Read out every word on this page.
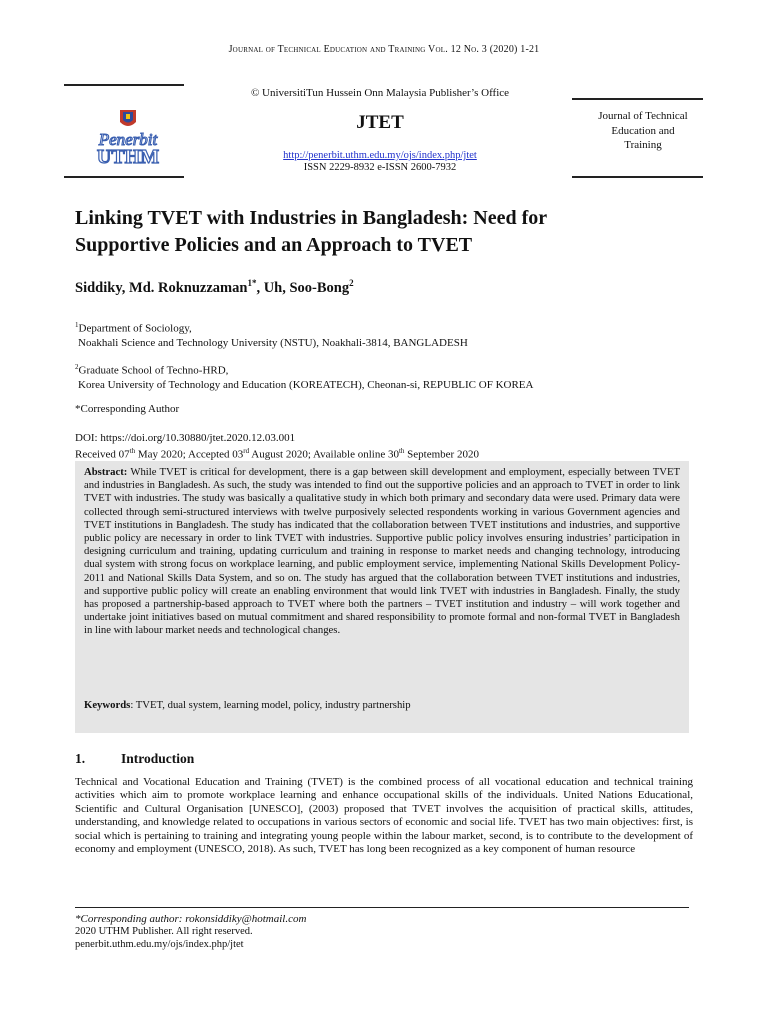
Journal of Technical Education and Training Vol. 12 No. 3 (2020) 1-21
Penerbit
UTHM
© UniversitiTun Hussein Onn Malaysia Publisher’s Office
JTET
http://penerbit.uthm.edu.my/ojs/index.php/jtet
ISSN 2229-8932 e-ISSN 2600-7932
Journal of Technical
Education and
Training
Linking TVET with Industries in Bangladesh: Need for
Supportive Policies and an Approach to TVET
Siddiky, Md. Roknuzzaman$^{1*}$, Uh, Soo-Bong$^2$
$^1$Department of Sociology,
Noakhali Science and Technology University (NSTU), Noakhali-3814, BANGLADESH
$^2$Graduate School of Techno-HRD,
Korea University of Technology and Education (KOREATECH), Cheonan-si, REPUBLIC OF KOREA
*Corresponding Author
DOI: https://doi.org/10.30880/jtet.2020.12.03.001
Received 07th May 2020; Accepted 03rd August 2020; Available online 30th September 2020
Abstract: While TVET is critical for development, there is a gap between skill development and employment, especially between TVET and industries in Bangladesh. As such, the study was intended to find out the supportive policies and an approach to TVET in order to link TVET with industries. The study was basically a qualitative study in which both primary and secondary data were used. Primary data were collected through semi-structured interviews with twelve purposively selected respondents working in various Government agencies and TVET institutions in Bangladesh. The study has indicated that the collaboration between TVET institutions and industries, and supportive public policy are necessary in order to link TVET with industries. Supportive public policy involves ensuring industries’ participation in designing curriculum and training, updating curriculum and training in response to market needs and changing technology, introducing dual system with strong focus on workplace learning, and public employment service, implementing National Skills Development Policy-2011 and National Skills Data System, and so on. The study has argued that the collaboration between TVET institutions and industries, and supportive public policy will create an enabling environment that would link TVET with industries in Bangladesh. Finally, the study has proposed a partnership-based approach to TVET where both the partners – TVET institution and industry – will work together and undertake joint initiatives based on mutual commitment and shared responsibility to promote formal and non-formal TVET in Bangladesh in line with labour market needs and technological changes.
Keywords: TVET, dual system, learning model, policy, industry partnership
1.	Introduction
Technical and Vocational Education and Training (TVET) is the combined process of all vocational education and technical training activities which aim to promote workplace learning and enhance occupational skills of the individuals. United Nations Educational, Scientific and Cultural Organisation [UNESCO], (2003) proposed that TVET involves the acquisition of practical skills, attitudes, understanding, and knowledge related to occupations in various sectors of economic and social life. TVET has two main objectives: first, is social which is pertaining to training and integrating young people within the labour market, second, is to contribute to the development of economy and employment (UNESCO, 2018). As such, TVET has long been recognized as a key component of human resource
*Corresponding author: rokonsiddiky@hotmail.com
2020 UTHM Publisher. All right reserved.
penerbit.uthm.edu.my/ojs/index.php/jtet
